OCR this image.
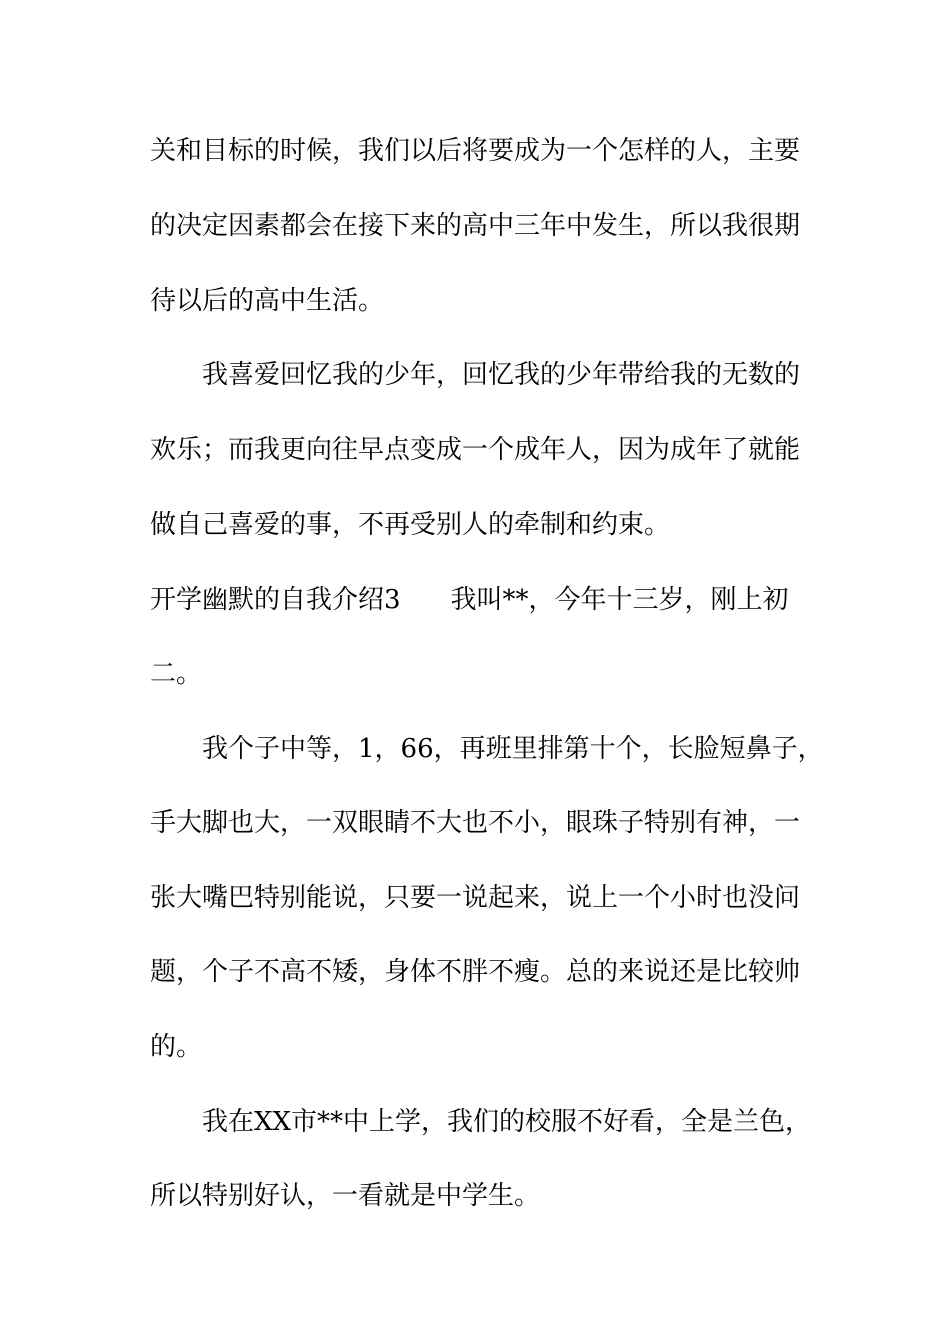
关和目标的时候，我们以后将要成为一个怎样的人，主要
的决定因素都会在接下来的高中三年中发生，所以我很期
待以后的高中生活。
我喜爱回忆我的少年，回忆我的少年带给我的无数的
欢乐；而我更向往早点变成一个成年人，因为成年了就能
做自己喜爱的事，不再受别人的牵制和约束。
开学幽默的自我介绍3 我叫**，今年十三岁，刚上初
二。
我个子中等，1，66，再班里排第十个，长脸短鼻子，
手大脚也大，一双眼睛不大也不小，眼珠子特别有神，一
张大嘴巴特别能说，只要一说起来，说上一个小时也没问
题，个子不高不矮，身体不胖不瘦。总的来说还是比较帅
的。
我在XX市**中上学，我们的校服不好看，全是兰色，
所以特别好认，一看就是中学生。
